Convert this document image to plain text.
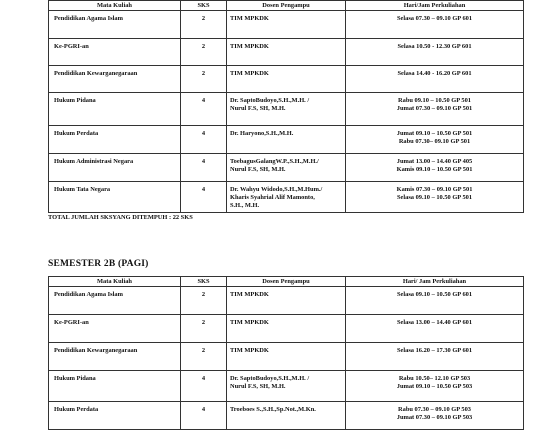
Mata Kuliah	SKS	Dosen Pengampu	Hari/Jam Perkuliahan
Pendidikan Agama Islam	2	TIM MPKDK	Selasa 07.30 – 09.10 GP 601

Ke-PGRI-an	2	TIM MPKDK	Selasa 10.50 - 12.30 GP 601

Pendidikan Kewarganegaraan	2	TIM MPKDK	Selasa 14.40 - 16.20 GP 601

Hukum Pidana	4	Dr. SaptoBudoyo,S.H.,M.H. /
Nurul F.S, SH, M.H.	Rabu 09.10 – 10.50 GP 501
Jumat 07.30 – 09.10 GP 501

Hukum Perdata	4	Dr. Haryono,S.H.,M.H.	Jumat 09.10 – 10.50 GP 501
Rabu 07.30– 09.10 GP 501

Hukum Administrasi Negara	4	ToebagusGalangW.P.,S.H.,M.H./
Nurul F.S, SH, M.H.	Jumat 13.00 – 14.40 GP 405
Kamis 09.10 – 10.50 GP 501

Hukum Tata Negara	4	Dr. Wahyu Widodo,S.H.,M.Hum./
Kharis Syahrial Alif Mamonto,
S.H., M.H.	Kamis 07.30 – 09.10 GP 501
Selasa 09.10 – 10.50 GP 501
TOTAL JUMLAH SKSYANG DITEMPUH : 22 SKS
SEMESTER 2B (PAGI)
Mata Kuliah	SKS	Dosen Pengampu	Hari/ Jam Perkuliahan
Pendidikan Agama Islam	2	TIM MPKDK	Selasa 09.10 – 10.50 GP 601

Ke-PGRI-an	2	TIM MPKDK	Selasa 13.00 – 14.40 GP 601

Pendidikan Kewarganegaraan	2	TIM MPKDK	Selasa 16.20 – 17.30 GP 601

Hukum Pidana	4	Dr. SaptoBudoyo,S.H.,M.H. /
Nurul F.S, SH, M.H.	Rabu 10.50– 12.10 GP 503
Jumat 09.10 – 10.50 GP 503

Hukum Perdata	4	Troeboes S.,S.H.,Sp.Not.,M.Kn.	Rabu 07.30 – 09.10 GP 503
Jumat 07.30 – 09.10 GP 503
